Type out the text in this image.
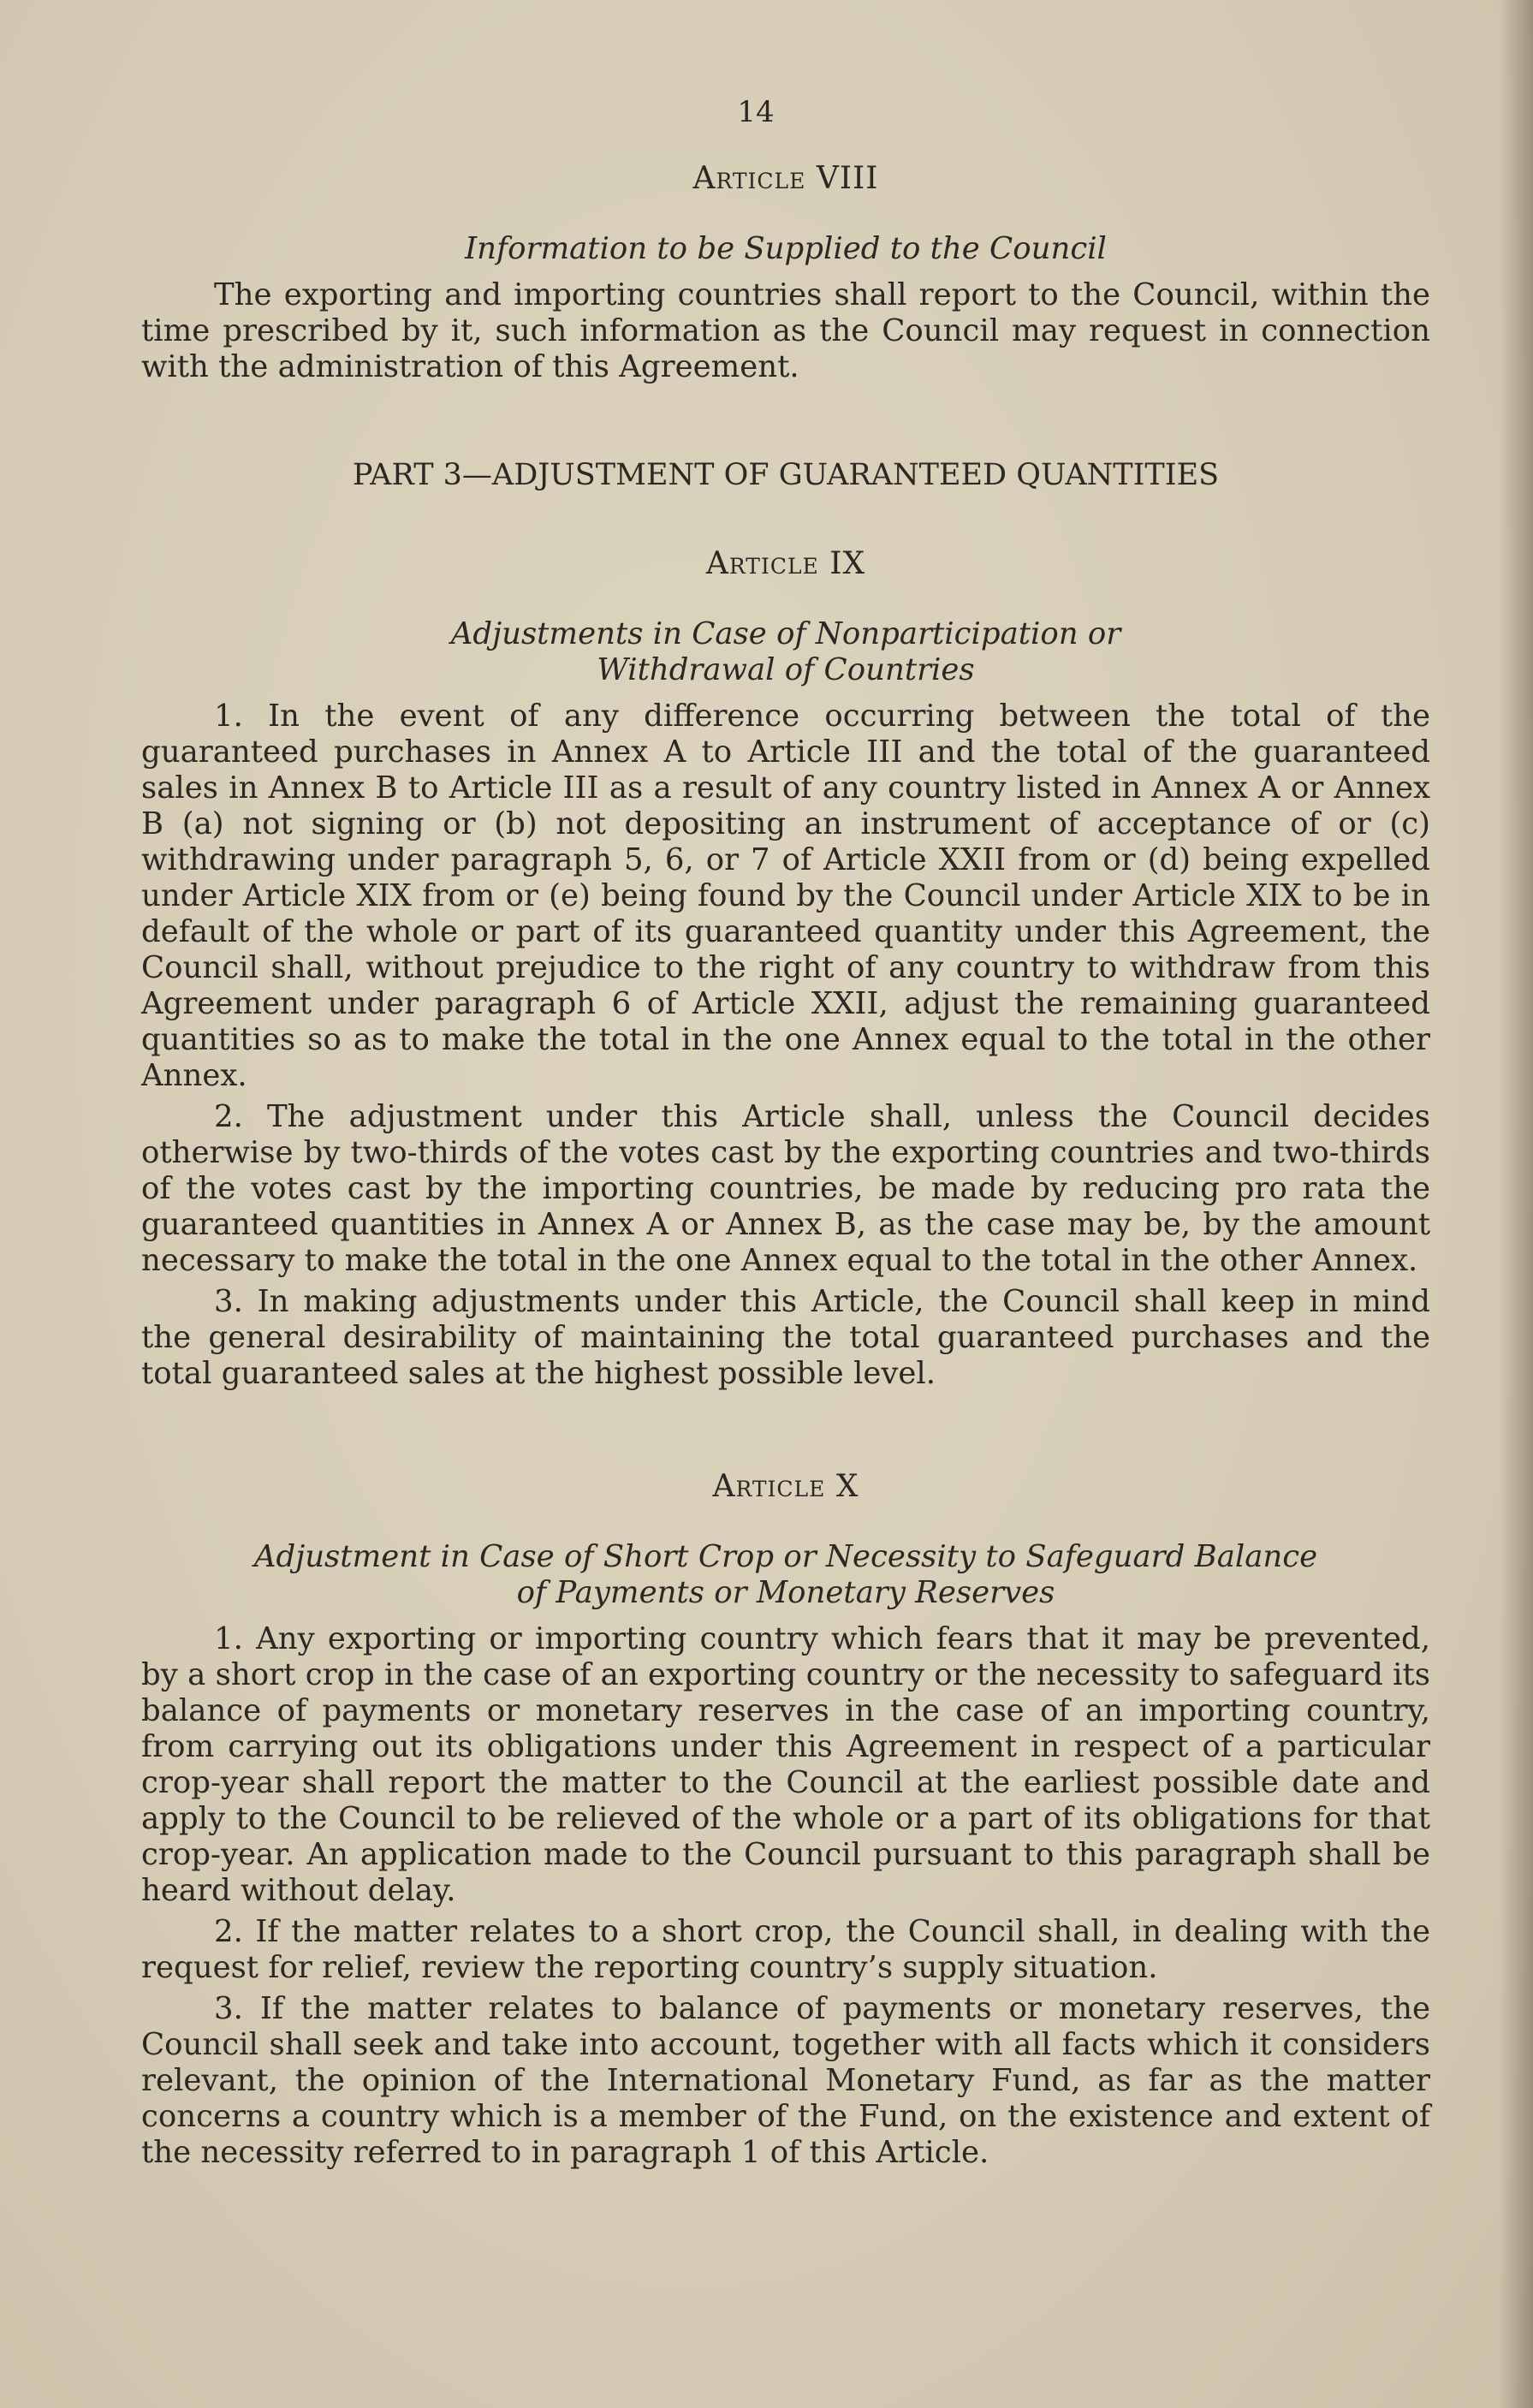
14
Article VIII

Information to be Supplied to the Council

The exporting and importing countries shall report to the Council, within the time prescribed by it, such information as the Council may request in connection with the administration of this Agreement.

PART 3—ADJUSTMENT OF GUARANTEED QUANTITIES
Article IX

Adjustments in Case of Nonparticipation or

Withdrawal of Countries

1. In the event of any difference occurring between the total of the guaranteed purchases in Annex A to Article III and the total of the guaranteed sales in Annex B to Article III as a result of any country listed in Annex A or Annex B (a) not signing or (b) not depositing an instrument of acceptance of or (c) withdrawing under paragraph 5, 6, or 7 of Article XXII from or (d) being expelled under Article XIX from or (e) being found by the Council under Article XIX to be in default of the whole or part of its guaranteed quantity under this Agreement, the Council shall, without prejudice to the right of any country to withdraw from this Agreement under paragraph 6 of Article XXII, adjust the remaining guaranteed quantities so as to make the total in the one Annex equal to the total in the other Annex.

2. The adjustment under this Article shall, unless the Council decides otherwise by two-thirds of the votes cast by the exporting countries and two-thirds of the votes cast by the importing countries, be made by reducing pro rata the guaranteed quantities in Annex A or Annex B, as the case may be, by the amount necessary to make the total in the one Annex equal to the total in the other Annex.

3. In making adjustments under this Article, the Council shall keep in mind the general desirability of maintaining the total guaranteed purchases and the total guaranteed sales at the highest possible level.

Article X

Adjustment in Case of Short Crop or Necessity to Safeguard Balance

of Payments or Monetary Reserves

1. Any exporting or importing country which fears that it may be prevented, by a short crop in the case of an exporting country or the necessity to safeguard its balance of payments or monetary reserves in the case of an importing country, from carrying out its obligations under this Agreement in respect of a particular crop-year shall report the matter to the Council at the earliest possible date and apply to the Council to be relieved of the whole or a part of its obligations for that crop-year. An application made to the Council pursuant to this paragraph shall be heard without delay.

2. If the matter relates to a short crop, the Council shall, in dealing with the request for relief, review the reporting country’s supply situation.

3. If the matter relates to balance of payments or monetary reserves, the Council shall seek and take into account, together with all facts which it considers relevant, the opinion of the International Monetary Fund, as far as the matter concerns a country which is a member of the Fund, on the existence and extent of the necessity referred to in paragraph 1 of this Article.
